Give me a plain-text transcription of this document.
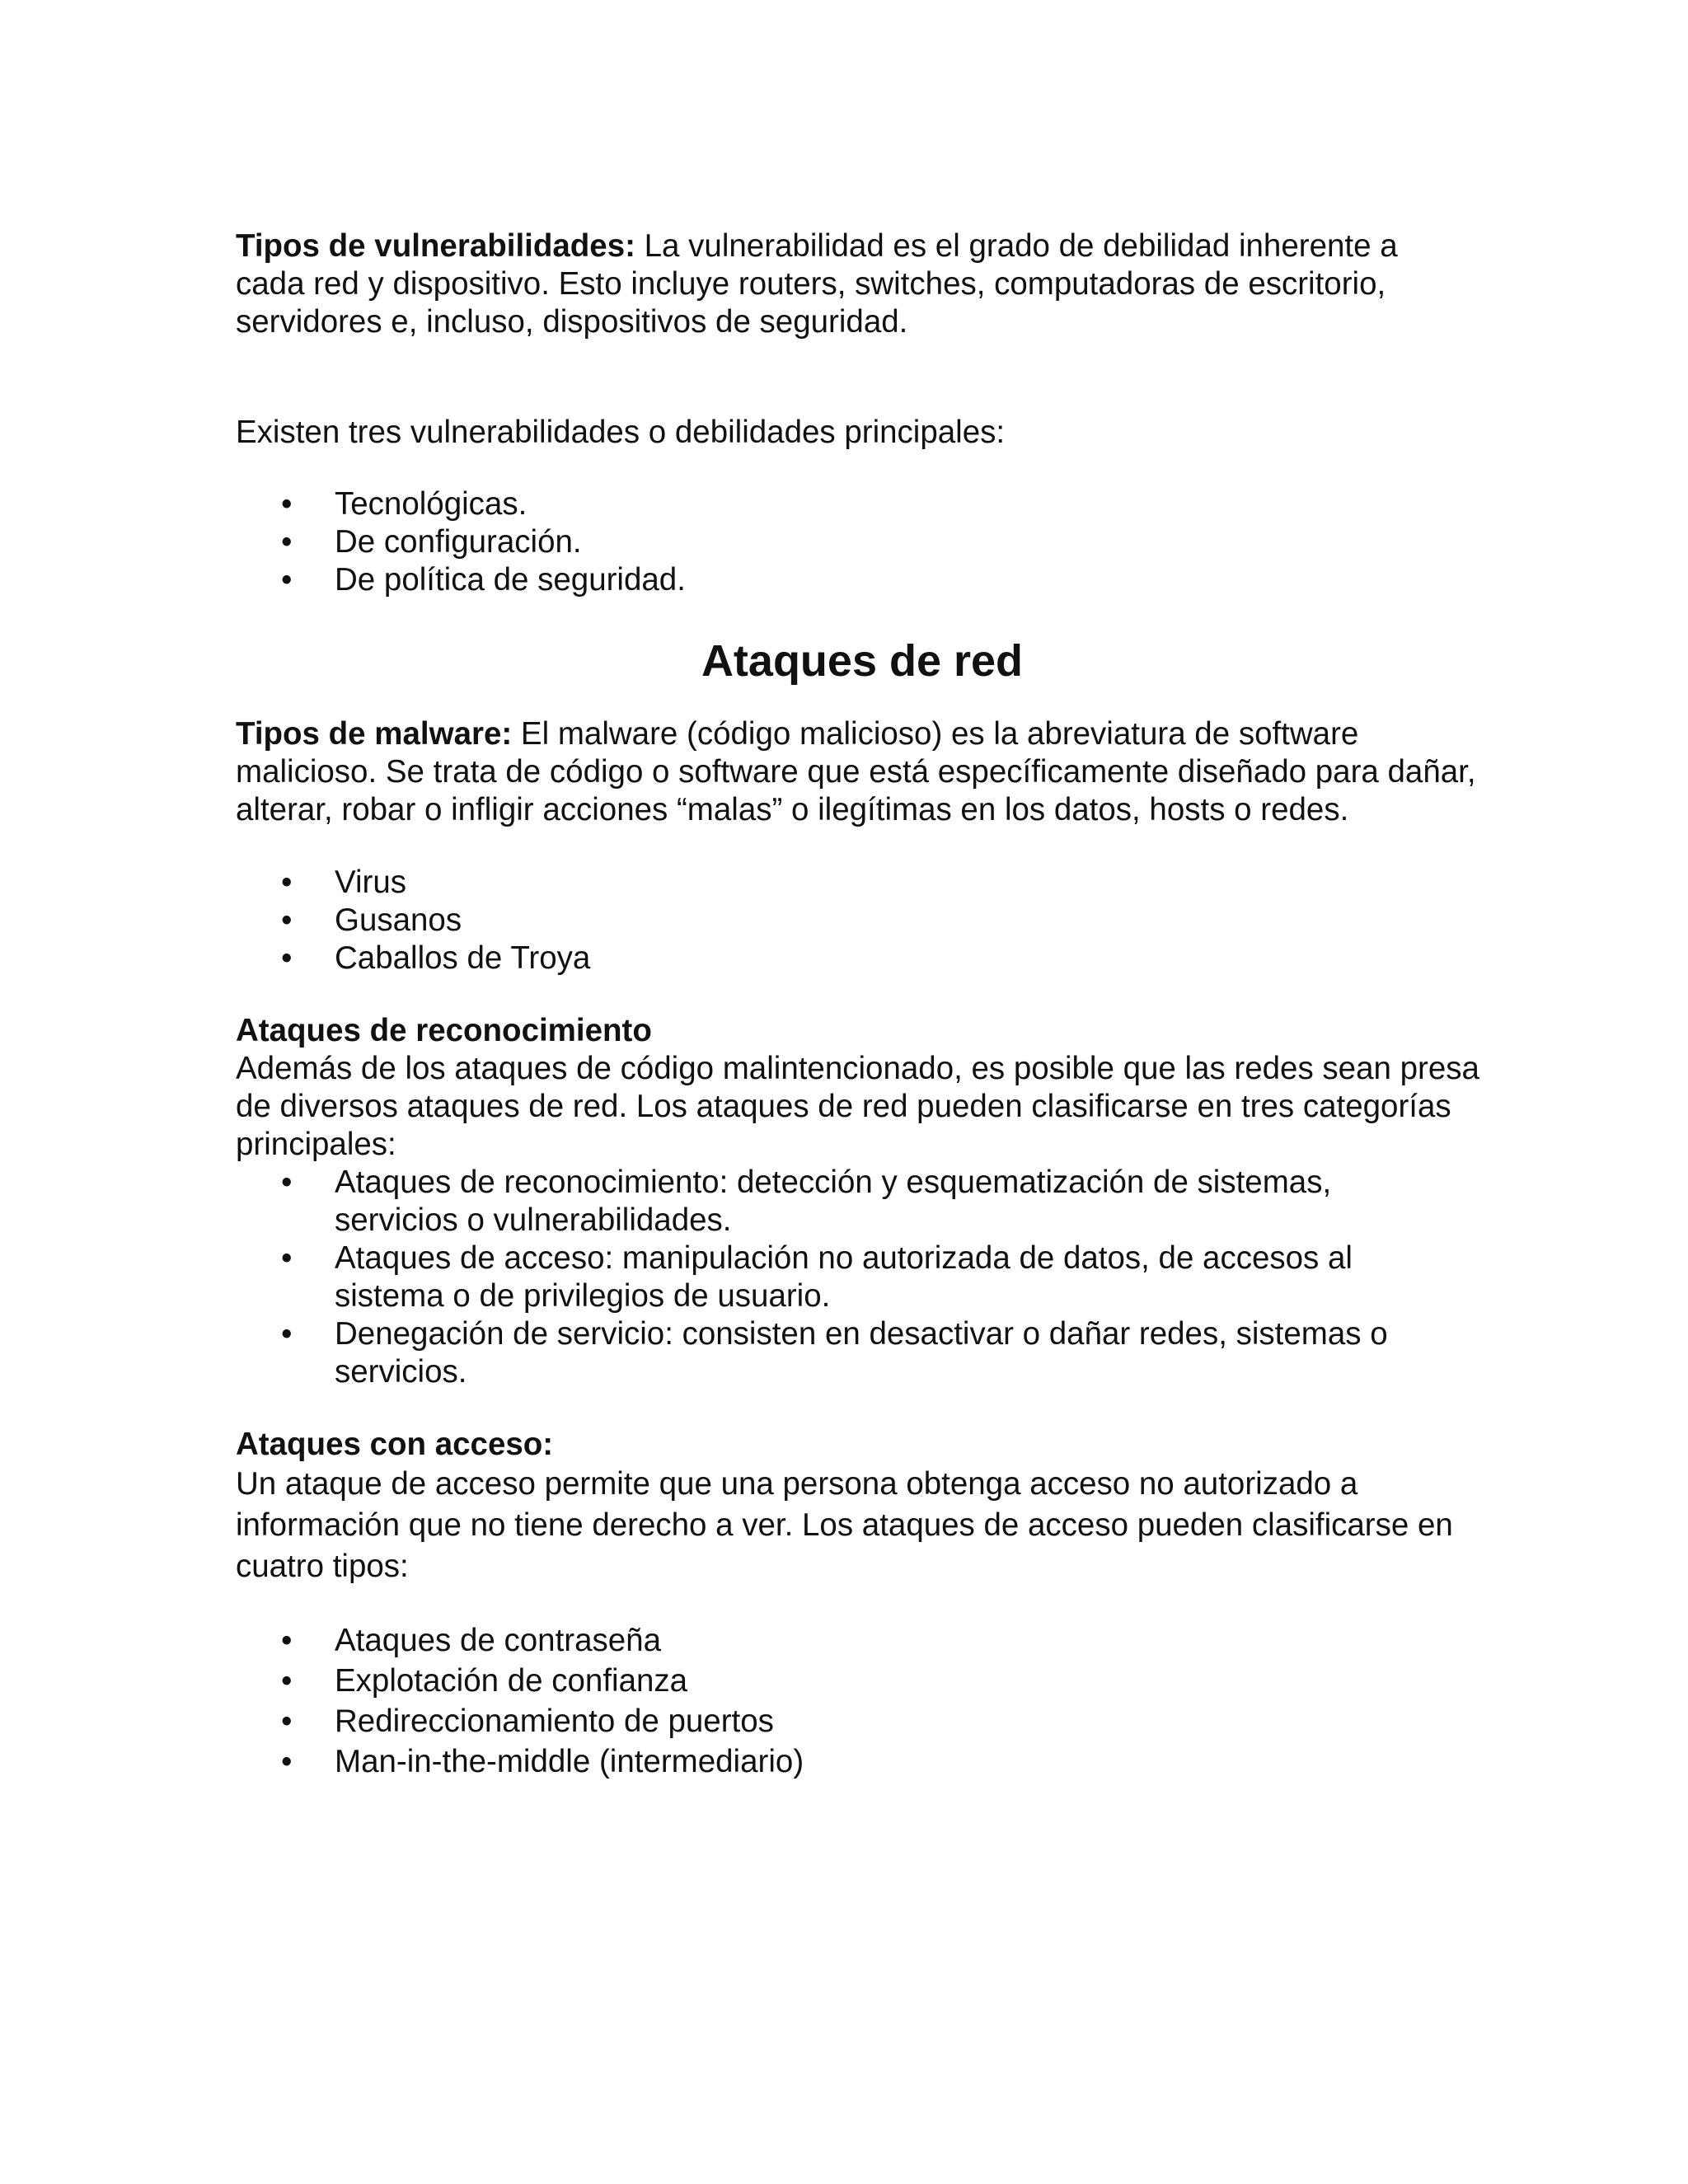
Tipos de vulnerabilidades: La vulnerabilidad es el grado de debilidad inherente a cada red y dispositivo. Esto incluye routers, switches, computadoras de escritorio, servidores e, incluso, dispositivos de seguridad.

Existen tres vulnerabilidades o debilidades principales:

• Tecnológicas.
• De configuración.
• De política de seguridad.
Ataques de red

Tipos de malware: El malware (código malicioso) es la abreviatura de software malicioso. Se trata de código o software que está específicamente diseñado para dañar, alterar, robar o infligir acciones “malas” o ilegítimas en los datos, hosts o redes.

• Virus
• Gusanos
• Caballos de Troya

Ataques de reconocimiento

Además de los ataques de código malintencionado, es posible que las redes sean presa de diversos ataques de red. Los ataques de red pueden clasificarse en tres categorías principales:

• Ataques de reconocimiento: detección y esquematización de sistemas, servicios o vulnerabilidades.
• Ataques de acceso: manipulación no autorizada de datos, de accesos al sistema o de privilegios de usuario.
• Denegación de servicio: consisten en desactivar o dañar redes, sistemas o servicios.

Ataques con acceso:

Un ataque de acceso permite que una persona obtenga acceso no autorizado a información que no tiene derecho a ver. Los ataques de acceso pueden clasificarse en cuatro tipos:

• Ataques de contraseña
• Explotación de confianza
• Redireccionamiento de puertos
• Man-in-the-middle (intermediario)
